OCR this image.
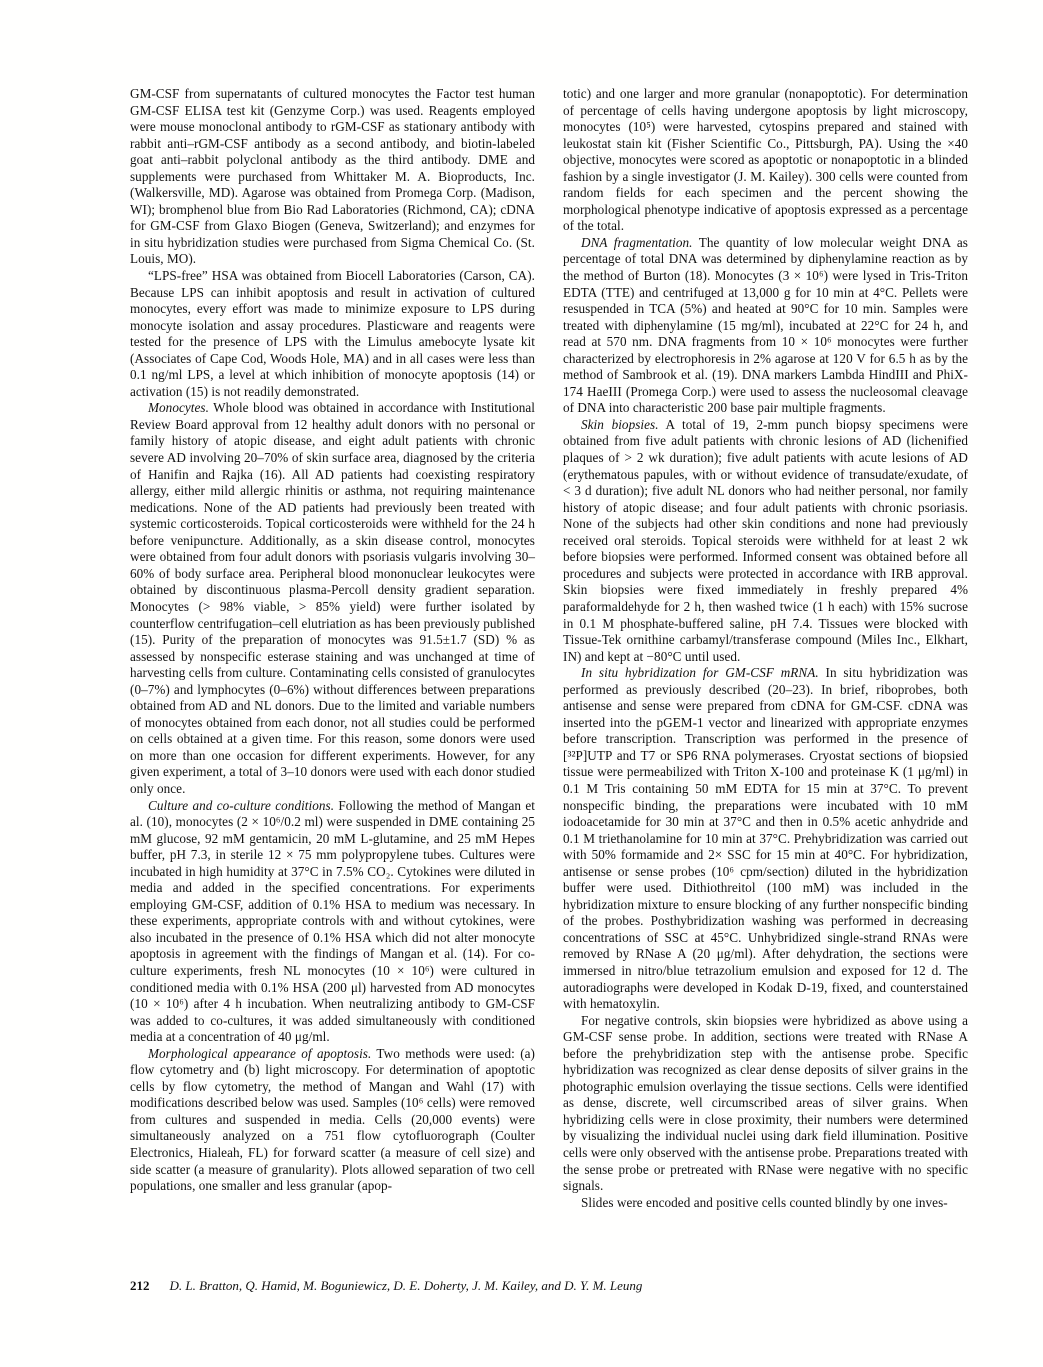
GM-CSF from supernatants of cultured monocytes the Factor test human GM-CSF ELISA test kit (Genzyme Corp.) was used. Reagents employed were mouse monoclonal antibody to rGM-CSF as stationary antibody with rabbit anti–rGM-CSF antibody as a second antibody, and biotin-labeled goat anti–rabbit polyclonal antibody as the third antibody. DME and supplements were purchased from Whittaker M. A. Bioproducts, Inc. (Walkersville, MD). Agarose was obtained from Promega Corp. (Madison, WI); bromphenol blue from Bio Rad Laboratories (Richmond, CA); cDNA for GM-CSF from Glaxo Biogen (Geneva, Switzerland); and enzymes for in situ hybridization studies were purchased from Sigma Chemical Co. (St. Louis, MO).

“LPS-free” HSA was obtained from Biocell Laboratories (Carson, CA). Because LPS can inhibit apoptosis and result in activation of cultured monocytes, every effort was made to minimize exposure to LPS during monocyte isolation and assay procedures. Plasticware and reagents were tested for the presence of LPS with the Limulus amebocyte lysate kit (Associates of Cape Cod, Woods Hole, MA) and in all cases were less than 0.1 ng/ml LPS, a level at which inhibition of monocyte apoptosis (14) or activation (15) is not readily demonstrated.

Monocytes. Whole blood was obtained in accordance with Institutional Review Board approval from 12 healthy adult donors with no personal or family history of atopic disease, and eight adult patients with chronic severe AD involving 20–70% of skin surface area, diagnosed by the criteria of Hanifin and Rajka (16). All AD patients had coexisting respiratory allergy, either mild allergic rhinitis or asthma, not requiring maintenance medications. None of the AD patients had previously been treated with systemic corticosteroids. Topical corticosteroids were withheld for the 24 h before venipuncture. Additionally, as a skin disease control, monocytes were obtained from four adult donors with psoriasis vulgaris involving 30–60% of body surface area. Peripheral blood mononuclear leukocytes were obtained by discontinuous plasma-Percoll density gradient separation. Monocytes (> 98% viable, > 85% yield) were further isolated by counterflow centrifugation–cell elutriation as has been previously published (15). Purity of the preparation of monocytes was 91.5±1.7 (SD) % as assessed by nonspecific esterase staining and was unchanged at time of harvesting cells from culture. Contaminating cells consisted of granulocytes (0–7%) and lymphocytes (0–6%) without differences between preparations obtained from AD and NL donors. Due to the limited and variable numbers of monocytes obtained from each donor, not all studies could be performed on cells obtained at a given time. For this reason, some donors were used on more than one occasion for different experiments. However, for any given experiment, a total of 3–10 donors were used with each donor studied only once.

Culture and co-culture conditions. Following the method of Mangan et al. (10), monocytes (2 × 10⁶/0.2 ml) were suspended in DME containing 25 mM glucose, 92 mM gentamicin, 20 mM L-glutamine, and 25 mM Hepes buffer, pH 7.3, in sterile 12 × 75 mm polypropylene tubes. Cultures were incubated in high humidity at 37°C in 7.5% CO₂. Cytokines were diluted in media and added in the specified concentrations. For experiments employing GM-CSF, addition of 0.1% HSA to medium was necessary. In these experiments, appropriate controls with and without cytokines, were also incubated in the presence of 0.1% HSA which did not alter monocyte apoptosis in agreement with the findings of Mangan et al. (14). For co-culture experiments, fresh NL monocytes (10 × 10⁶) were cultured in conditioned media with 0.1% HSA (200 μl) harvested from AD monocytes (10 × 10⁶) after 4 h incubation. When neutralizing antibody to GM-CSF was added to co-cultures, it was added simultaneously with conditioned media at a concentration of 40 μg/ml.

Morphological appearance of apoptosis. Two methods were used: (a) flow cytometry and (b) light microscopy. For determination of apoptotic cells by flow cytometry, the method of Mangan and Wahl (17) with modifications described below was used. Samples (10⁶ cells) were removed from cultures and suspended in media. Cells (20,000 events) were simultaneously analyzed on a 751 flow cytofluorograph (Coulter Electronics, Hialeah, FL) for forward scatter (a measure of cell size) and side scatter (a measure of granularity). Plots allowed separation of two cell populations, one smaller and less granular (apop-

totic) and one larger and more granular (nonapoptotic). For determination of percentage of cells having undergone apoptosis by light microscopy, monocytes (10⁵) were harvested, cytospins prepared and stained with leukostat stain kit (Fisher Scientific Co., Pittsburgh, PA). Using the ×40 objective, monocytes were scored as apoptotic or nonapoptotic in a blinded fashion by a single investigator (J. M. Kailey). 300 cells were counted from random fields for each specimen and the percent showing the morphological phenotype indicative of apoptosis expressed as a percentage of the total.

DNA fragmentation. The quantity of low molecular weight DNA as percentage of total DNA was determined by diphenylamine reaction as by the method of Burton (18). Monocytes (3 × 10⁶) were lysed in Tris-Triton EDTA (TTE) and centrifuged at 13,000 g for 10 min at 4°C. Pellets were resuspended in TCA (5%) and heated at 90°C for 10 min. Samples were treated with diphenylamine (15 mg/ml), incubated at 22°C for 24 h, and read at 570 nm. DNA fragments from 10 × 10⁶ monocytes were further characterized by electrophoresis in 2% agarose at 120 V for 6.5 h as by the method of Sambrook et al. (19). DNA markers Lambda HindIII and PhiX-174 HaeIII (Promega Corp.) were used to assess the nucleosomal cleavage of DNA into characteristic 200 base pair multiple fragments.

Skin biopsies. A total of 19, 2-mm punch biopsy specimens were obtained from five adult patients with chronic lesions of AD (lichenified plaques of > 2 wk duration); five adult patients with acute lesions of AD (erythematous papules, with or without evidence of transudate/exudate, of < 3 d duration); five adult NL donors who had neither personal, nor family history of atopic disease; and four adult patients with chronic psoriasis. None of the subjects had other skin conditions and none had previously received oral steroids. Topical steroids were withheld for at least 2 wk before biopsies were performed. Informed consent was obtained before all procedures and subjects were protected in accordance with IRB approval. Skin biopsies were fixed immediately in freshly prepared 4% paraformaldehyde for 2 h, then washed twice (1 h each) with 15% sucrose in 0.1 M phosphate-buffered saline, pH 7.4. Tissues were blocked with Tissue-Tek ornithine carbamyl/transferase compound (Miles Inc., Elkhart, IN) and kept at −80°C until used.

In situ hybridization for GM-CSF mRNA. In situ hybridization was performed as previously described (20–23). In brief, riboprobes, both antisense and sense were prepared from cDNA for GM-CSF. cDNA was inserted into the pGEM-1 vector and linearized with appropriate enzymes before transcription. Transcription was performed in the presence of [³²P]UTP and T7 or SP6 RNA polymerases. Cryostat sections of biopsied tissue were permeabilized with Triton X-100 and proteinase K (1 μg/ml) in 0.1 M Tris containing 50 mM EDTA for 15 min at 37°C. To prevent nonspecific binding, the preparations were incubated with 10 mM iodoacetamide for 30 min at 37°C and then in 0.5% acetic anhydride and 0.1 M triethanolamine for 10 min at 37°C. Prehybridization was carried out with 50% formamide and 2× SSC for 15 min at 40°C. For hybridization, antisense or sense probes (10⁶ cpm/section) diluted in the hybridization buffer were used. Dithiothreitol (100 mM) was included in the hybridization mixture to ensure blocking of any further nonspecific binding of the probes. Posthybridization washing was performed in decreasing concentrations of SSC at 45°C. Unhybridized single-strand RNAs were removed by RNase A (20 μg/ml). After dehydration, the sections were immersed in nitro/blue tetrazolium emulsion and exposed for 12 d. The autoradiographs were developed in Kodak D-19, fixed, and counterstained with hematoxylin.

For negative controls, skin biopsies were hybridized as above using a GM-CSF sense probe. In addition, sections were treated with RNase A before the prehybridization step with the antisense probe. Specific hybridization was recognized as clear dense deposits of silver grains in the photographic emulsion overlaying the tissue sections. Cells were identified as dense, discrete, well circumscribed areas of silver grains. When hybridizing cells were in close proximity, their numbers were determined by visualizing the individual nuclei using dark field illumination. Positive cells were only observed with the antisense probe. Preparations treated with the sense probe or pretreated with RNase were negative with no specific signals.

Slides were encoded and positive cells counted blindly by one inves-

212 D. L. Bratton, Q. Hamid, M. Boguniewicz, D. E. Doherty, J. M. Kailey, and D. Y. M. Leung
